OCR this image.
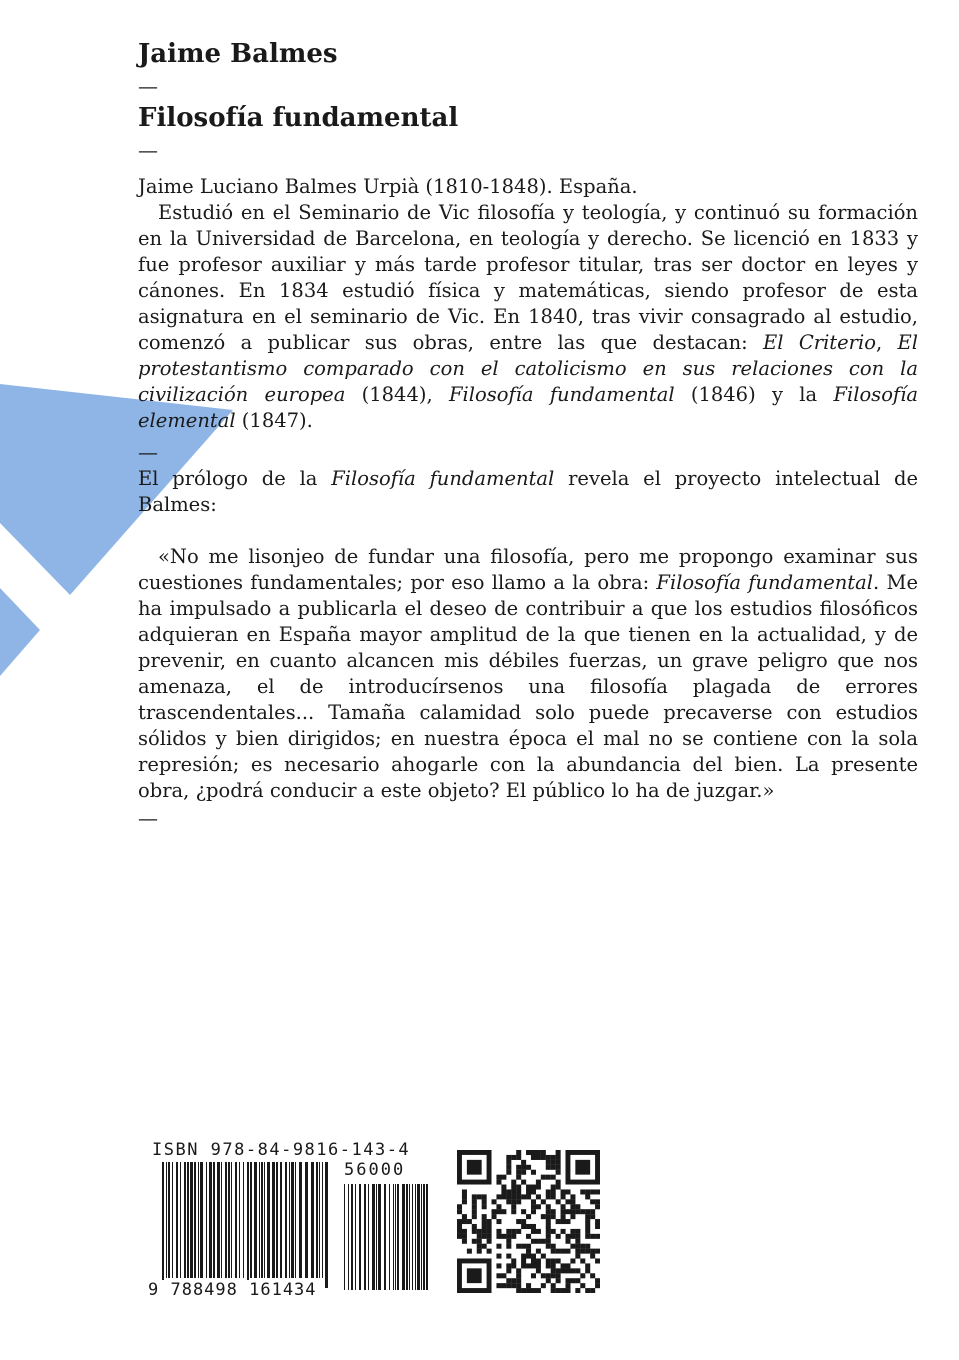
Jaime Balmes
—
Filosofía fundamental
—

Jaime Luciano Balmes Urpià (1810-1848). España.

Estudió en el Seminario de Vic filosofía y teología, y continuó su formación en la Universidad de Barcelona, en teología y derecho. Se licenció en 1833 y fue profesor auxiliar y más tarde profesor titular, tras ser doctor en leyes y cánones. En 1834 estudió física y matemáticas, siendo profesor de esta asignatura en el seminario de Vic. En 1840, tras vivir consagrado al estudio, comenzó a publicar sus obras, entre las que destacan: El Criterio, El protestantismo comparado con el catolicismo en sus relaciones con la civilización europea (1844), Filosofía fundamental (1846) y la Filosofía elemental (1847).

—

El prólogo de la Filosofía fundamental revela el proyecto intelectual de Balmes:

«No me lisonjeo de fundar una filosofía, pero me propongo examinar sus cuestiones fundamentales; por eso llamo a la obra: Filosofía fundamental. Me ha impulsado a publicarla el deseo de contribuir a que los estudios filosóficos adquieran en España mayor amplitud de la que tienen en la actualidad, y de prevenir, en cuanto alcancen mis débiles fuerzas, un grave peligro que nos amenaza, el de introducírsenos una filosofía plagada de errores trascendentales... Tamaña calamidad solo puede precaverse con estudios sólidos y bien dirigidos; en nuestra época el mal no se contiene con la sola represión; es necesario ahogarle con la abundancia del bien. La presente obra, ¿podrá conducir a este objeto? El público lo ha de juzgar.»

—
ISBN 978-84-9816-143-4
56000
9 788498 161434
